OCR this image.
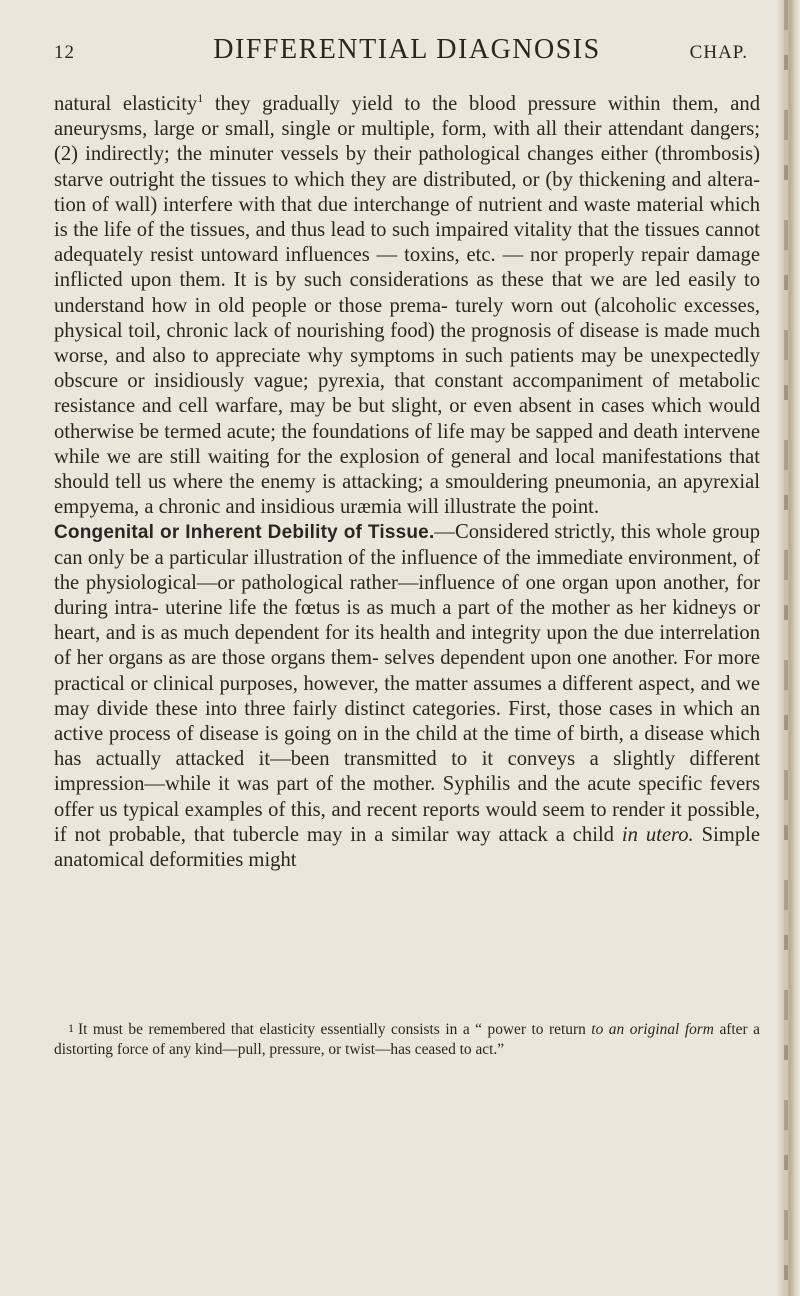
12	DIFFERENTIAL DIAGNOSIS	CHAP.

natural elasticity$^1$ they gradually yield to the blood pressure within them, and aneurysms, large or small, single or multiple, form, with all their attendant dangers; (2) indirectly; the minuter vessels by their pathological changes either (thrombosis) starve outright the tissues to which they are distributed, or (by thickening and altera- tion of wall) interfere with that due interchange of nutrient and waste material which is the life of the tissues, and thus lead to such impaired vitality that the tissues cannot adequately resist untoward influences — toxins, etc. — nor properly repair damage inflicted upon them. It is by such considerations as these that we are led easily to understand how in old people or those prema- turely worn out (alcoholic excesses, physical toil, chronic lack of nourishing food) the prognosis of disease is made much worse, and also to appreciate why symptoms in such patients may be unexpectedly obscure or insidiously vague; pyrexia, that constant accompaniment of metabolic resistance and cell warfare, may be but slight, or even absent in cases which would otherwise be termed acute; the foundations of life may be sapped and death intervene while we are still waiting for the explosion of general and local manifestations that should tell us where the enemy is attacking; a smouldering pneumonia, an apyrexial empyema, a chronic and insidious uræmia will illustrate the point.

Congenital or Inherent Debility of Tissue.—Considered strictly, this whole group can only be a particular illustration of the influence of the immediate environment, of the physiological—or pathological rather—influence of one organ upon another, for during intra- uterine life the fœtus is as much a part of the mother as her kidneys or heart, and is as much dependent for its health and integrity upon the due interrelation of her organs as are those organs them- selves dependent upon one another. For more practical or clinical purposes, however, the matter assumes a different aspect, and we may divide these into three fairly distinct categories. First, those cases in which an active process of disease is going on in the child at the time of birth, a disease which has actually attacked it—been transmitted to it conveys a slightly different impression—while it was part of the mother. Syphilis and the acute specific fevers offer us typical examples of this, and recent reports would seem to render it possible, if not probable, that tubercle may in a similar way attack a child in utero. Simple anatomical deformities might

1 It must be remembered that elasticity essentially consists in a “ power to return to an original form after a distorting force of any kind—pull, pressure, or twist—has ceased to act.”
